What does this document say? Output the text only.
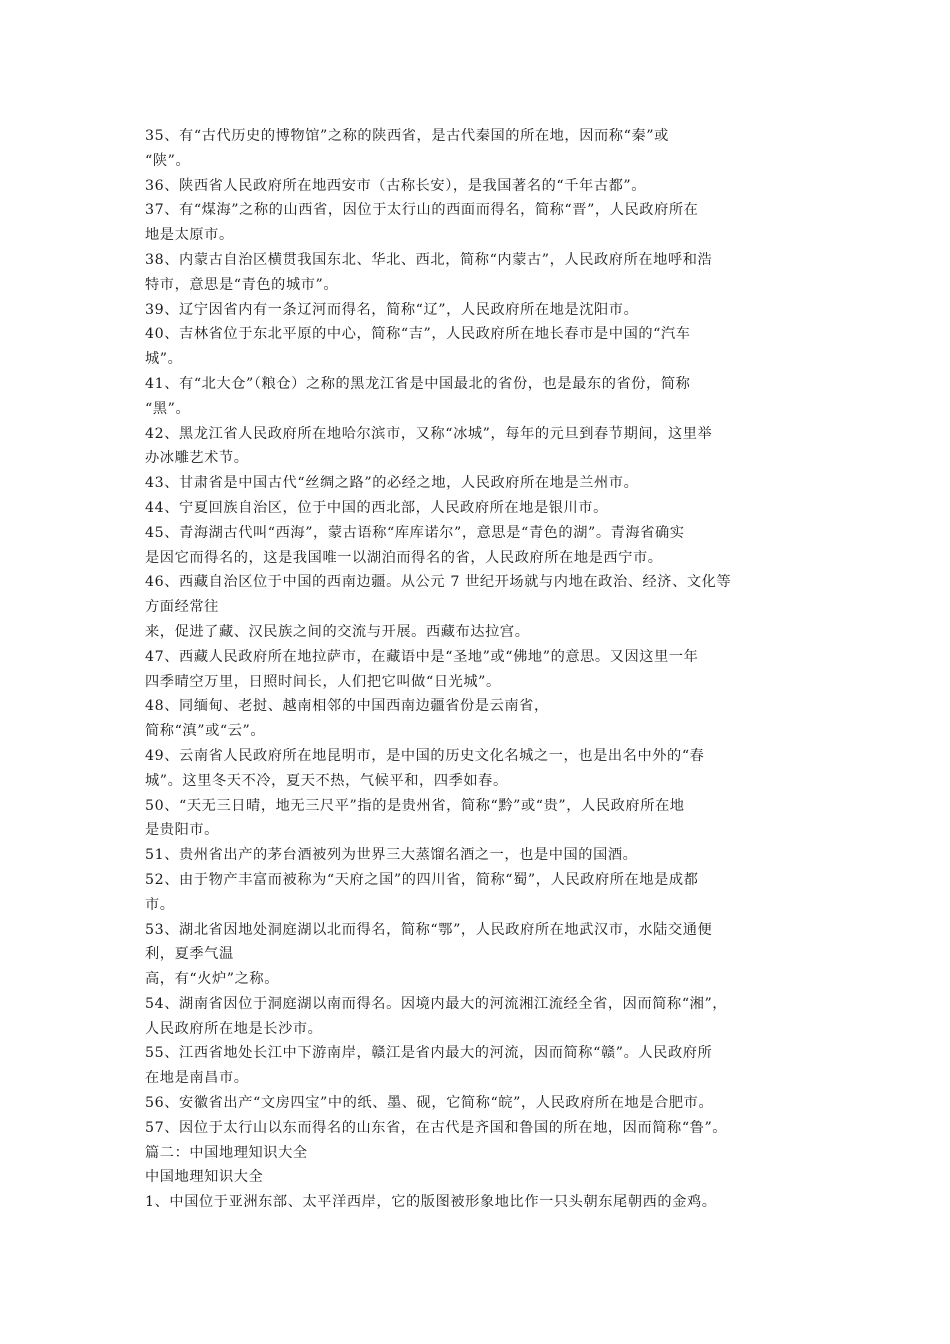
35、有“古代历史的博物馆”之称的陕西省，是古代秦国的所在地，因而称“秦”或
“陕”。
36、陕西省人民政府所在地西安市（古称长安），是我国著名的“千年古都”。
37、有“煤海”之称的山西省，因位于太行山的西面而得名，简称“晋”，人民政府所在
地是太原市。
38、内蒙古自治区横贯我国东北、华北、西北，简称“内蒙古”，人民政府所在地呼和浩
特市，意思是“青色的城市”。
39、辽宁因省内有一条辽河而得名，简称“辽”，人民政府所在地是沈阳市。
40、吉林省位于东北平原的中心，简称“吉”，人民政府所在地长春市是中国的“汽车
城”。
41、有“北大仓”（粮仓）之称的黑龙江省是中国最北的省份，也是最东的省份，简称
“黑”。
42、黑龙江省人民政府所在地哈尔滨市，又称“冰城”，每年的元旦到春节期间，这里举
办冰雕艺术节。
43、甘肃省是中国古代“丝绸之路”的必经之地，人民政府所在地是兰州市。
44、宁夏回族自治区，位于中国的西北部，人民政府所在地是银川市。
45、青海湖古代叫“西海”，蒙古语称“库库诺尔”，意思是“青色的湖”。青海省确实
是因它而得名的，这是我国唯一以湖泊而得名的省，人民政府所在地是西宁市。
46、西藏自治区位于中国的西南边疆。从公元 7 世纪开场就与内地在政治、经济、文化等
方面经常往
来，促进了藏、汉民族之间的交流与开展。西藏布达拉宫。
47、西藏人民政府所在地拉萨市，在藏语中是“圣地”或“佛地”的意思。又因这里一年
四季晴空万里，日照时间长，人们把它叫做“日光城”。
48、同缅甸、老挝、越南相邻的中国西南边疆省份是云南省，
简称“滇”或“云”。
49、云南省人民政府所在地昆明市，是中国的历史文化名城之一，也是出名中外的“春
城”。这里冬天不冷，夏天不热，气候平和，四季如春。
50、“天无三日晴，地无三尺平”指的是贵州省，简称“黔”或“贵”，人民政府所在地
是贵阳市。
51、贵州省出产的茅台酒被列为世界三大蒸馏名酒之一，也是中国的国酒。
52、由于物产丰富而被称为“天府之国”的四川省，简称“蜀”，人民政府所在地是成都
市。
53、湖北省因地处洞庭湖以北而得名，简称“鄂”，人民政府所在地武汉市，水陆交通便
利，夏季气温
高，有“火炉”之称。
54、湖南省因位于洞庭湖以南而得名。因境内最大的河流湘江流经全省，因而简称“湘”，
人民政府所在地是长沙市。
55、江西省地处长江中下游南岸，赣江是省内最大的河流，因而简称“赣”。人民政府所
在地是南昌市。
56、安徽省出产“文房四宝”中的纸、墨、砚，它简称“皖”，人民政府所在地是合肥市。
57、因位于太行山以东而得名的山东省，在古代是齐国和鲁国的所在地，因而简称“鲁”。
篇二：中国地理知识大全
中国地理知识大全
1、中国位于亚洲东部、太平洋西岸，它的版图被形象地比作一只头朝东尾朝西的金鸡。
